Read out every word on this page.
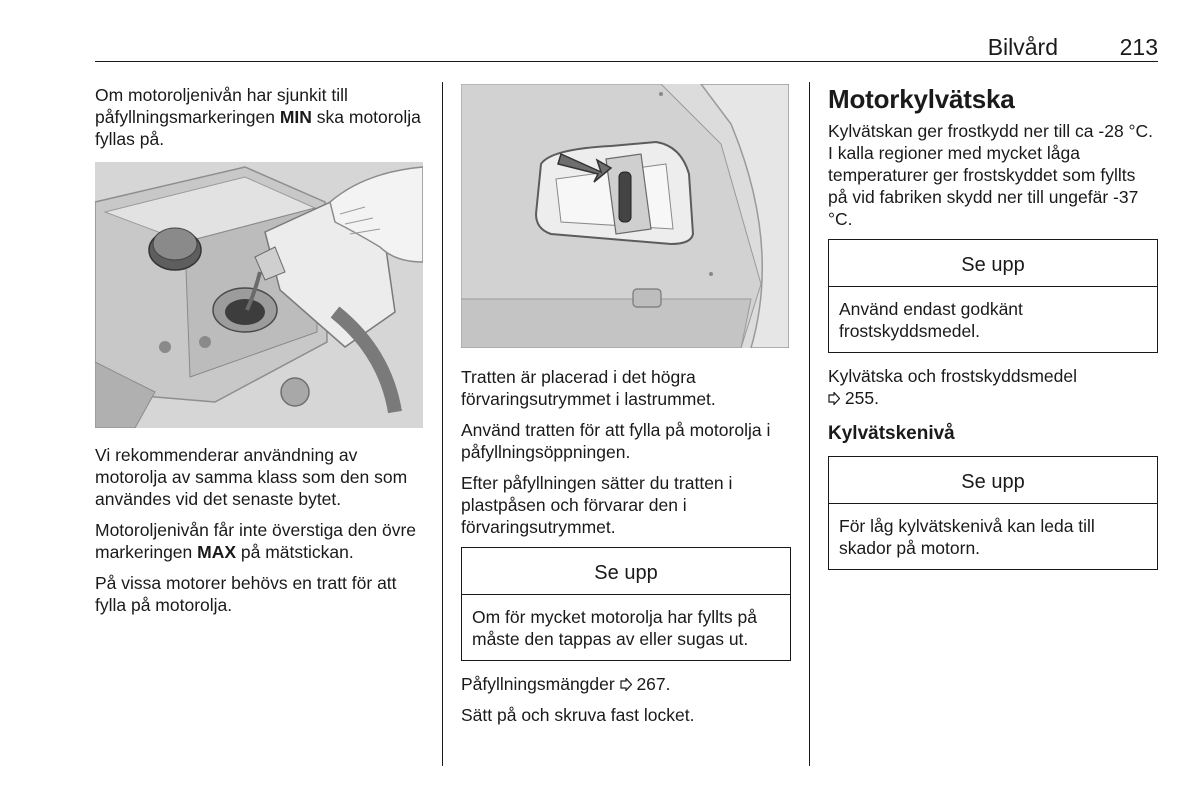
Bilvård	213

Om motoroljenivån har sjunkit till påfyllningsmarkeringen MIN ska motorolja fyllas på.

Vi rekommenderar användning av motorolja av samma klass som den som användes vid det senaste bytet.

Motoroljenivån får inte överstiga den övre markeringen MAX på mätstickan.

På vissa motorer behövs en tratt för att fylla på motorolja.

Tratten är placerad i det högra förvaringsutrymmet i lastrummet.

Använd tratten för att fylla på motorolja i påfyllningsöppningen.

Efter påfyllningen sätter du tratten i plastpåsen och förvarar den i förvaringsutrymmet.

Se upp
Om för mycket motorolja har fyllts på måste den tappas av eller sugas ut.

Påfyllningsmängder 267.

Sätt på och skruva fast locket.

Motorkylvätska

Kylvätskan ger frostkydd ner till ca -28 °C. I kalla regioner med mycket låga temperaturer ger frostskyddet som fyllts på vid fabriken skydd ner till ungefär -37 °C.

Se upp
Använd endast godkänt frostskyddsmedel.

Kylvätska och frostskyddsmedel
255.

Kylvätskenivå
Se upp
För låg kylvätskenivå kan leda till skador på motorn.
